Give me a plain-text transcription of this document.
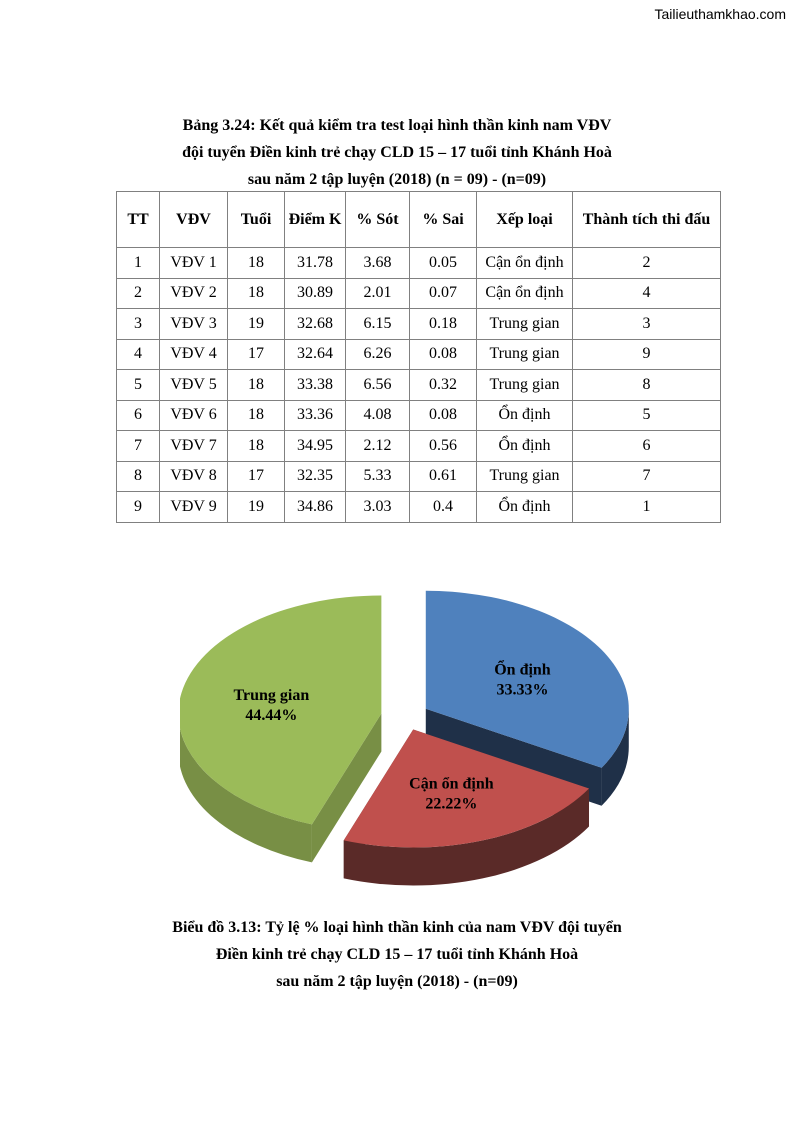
Tailieuthamkhao.com
Bảng 3.24: Kết quả kiểm tra test loại hình thần kinh nam VĐV
đội tuyển Điền kinh trẻ chạy CLD 15 – 17 tuổi tỉnh Khánh Hoà
sau năm 2 tập luyện (2018) (n = 09) - (n=09)
TT	VĐV	Tuổi	Điểm K	% Sót	% Sai	Xếp loại	Thành tích thi đấu
1	VĐV 1	18	31.78	3.68	0.05	Cận ổn định	2
2	VĐV 2	18	30.89	2.01	0.07	Cận ổn định	4
3	VĐV 3	19	32.68	6.15	0.18	Trung gian	3
4	VĐV 4	17	32.64	6.26	0.08	Trung gian	9
5	VĐV 5	18	33.38	6.56	0.32	Trung gian	8
6	VĐV 6	18	33.36	4.08	0.08	Ổn định	5
7	VĐV 7	18	34.95	2.12	0.56	Ổn định	6
8	VĐV 8	17	32.35	5.33	0.61	Trung gian	7
9	VĐV 9	19	34.86	3.03	0.4	Ổn định	1
Ổn định
33.33%
Cận ổn định
22.22%
Trung gian
44.44%
Biểu đồ 3.13: Tỷ lệ % loại hình thần kinh của nam VĐV đội tuyển
Điền kinh trẻ chạy CLD 15 – 17 tuổi tỉnh Khánh Hoà
sau năm 2 tập luyện (2018) - (n=09)
